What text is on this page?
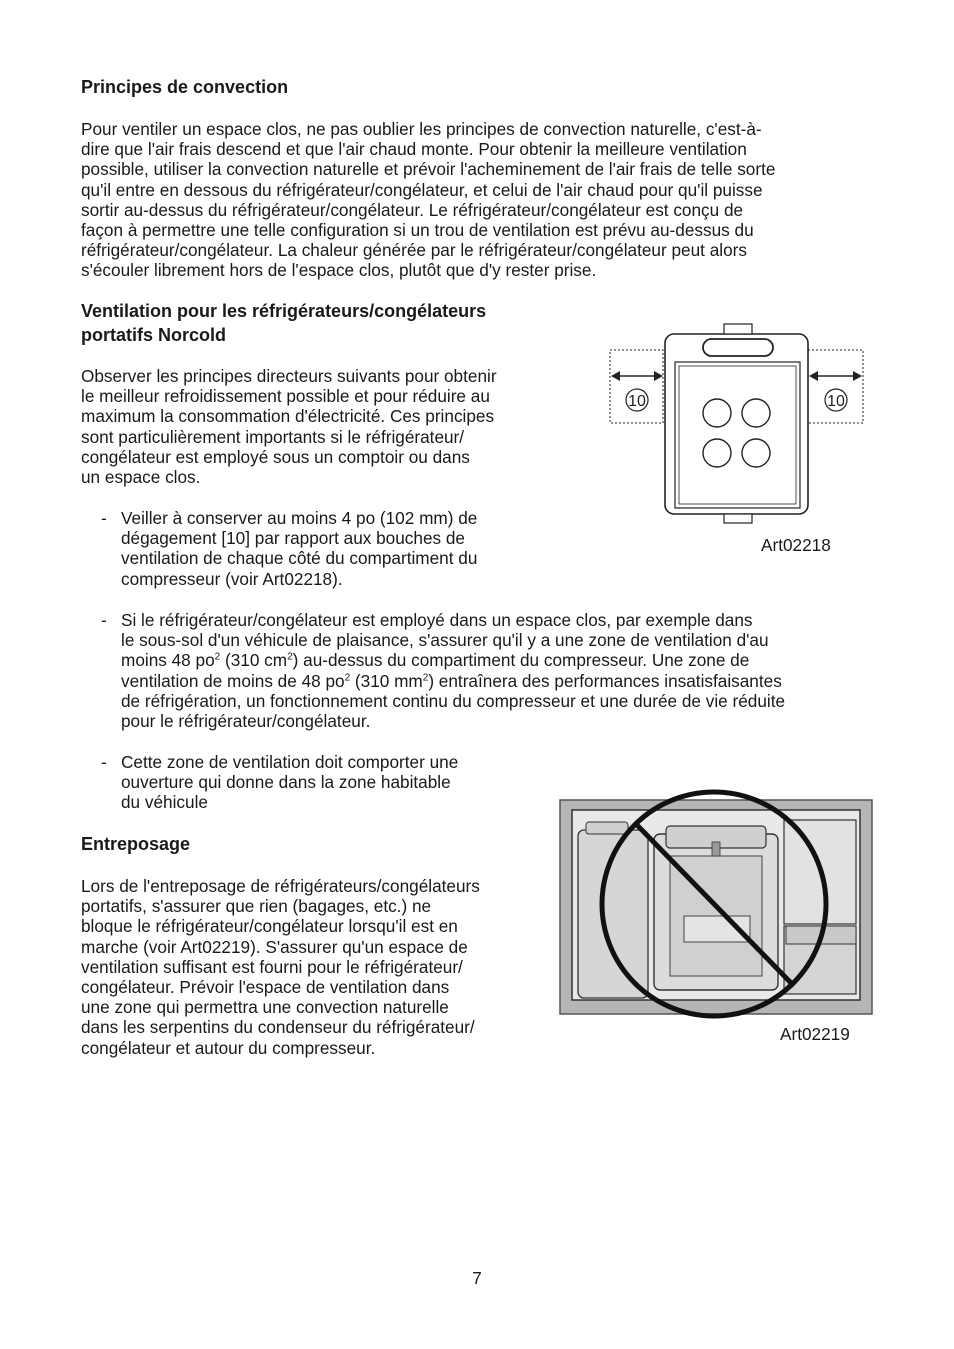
Principes de convection
Pour ventiler un espace clos, ne pas oublier les principes de convection naturelle, c'est-à-
dire que l'air frais descend et que l'air chaud monte. Pour obtenir la meilleure ventilation
possible, utiliser la convection naturelle et prévoir l'acheminement de l'air frais de telle sorte
qu'il entre en dessous du réfrigérateur/congélateur, et celui de l'air chaud pour qu'il puisse
sortir au-dessus du réfrigérateur/congélateur. Le réfrigérateur/congélateur est conçu de
façon à permettre une telle configuration si un trou de ventilation est prévu au-dessus du
réfrigérateur/congélateur. La chaleur générée par le réfrigérateur/congélateur peut alors
s'écouler librement hors de l'espace clos, plutôt que d'y rester prise.
Ventilation pour les réfrigérateurs/congélateurs
portatifs Norcold
Observer les principes directeurs suivants pour obtenir
le meilleur refroidissement possible et pour réduire au
maximum la consommation d'électricité. Ces principes
sont particulièrement importants si le réfrigérateur/
congélateur est employé sous un comptoir ou dans
un espace clos.
- Veiller à conserver au moins 4 po (102 mm) de
dégagement [10] par rapport aux bouches de
ventilation de chaque côté du compartiment du
compresseur (voir Art02218).
- Si le réfrigérateur/congélateur est employé dans un espace clos, par exemple dans
le sous-sol d'un véhicule de plaisance, s'assurer qu'il y a une zone de ventilation d'au
moins 48 $po^2$ (310 $cm^2$) au-dessus du compartiment du compresseur. Une zone de
ventilation de moins de 48 $po^2$ (310 $mm^2$) entraînera des performances insatisfaisantes
de réfrigération, un fonctionnement continu du compresseur et une durée de vie réduite
pour le réfrigérateur/congélateur.
- Cette zone de ventilation doit comporter une
ouverture qui donne dans la zone habitable
du véhicule
Entreposage
Lors de l'entreposage de réfrigérateurs/congélateurs
portatifs, s'assurer que rien (bagages, etc.) ne
bloque le réfrigérateur/congélateur lorsqu'il est en
marche (voir Art02219). S'assurer qu'un espace de
ventilation suffisant est fourni pour le réfrigérateur/
congélateur. Prévoir l'espace de ventilation dans
une zone qui permettra une convection naturelle
dans les serpentins du condenseur du réfrigérateur/
congélateur et autour du compresseur.
10	10
Art02218
Art02219
7
